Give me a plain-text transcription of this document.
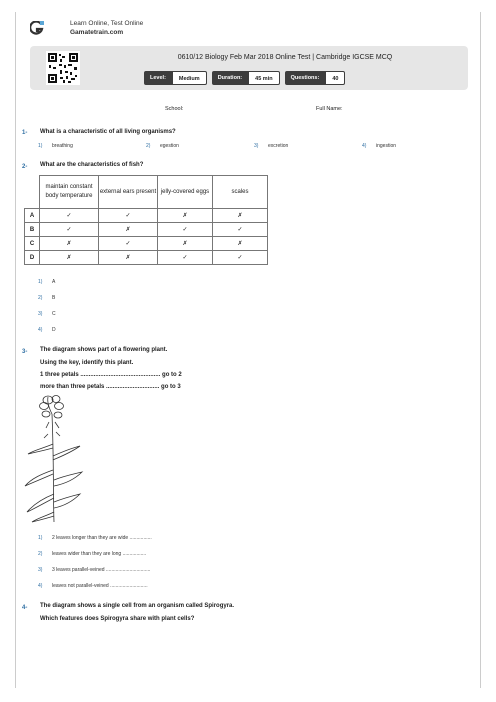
Learn Online, Test Online
Gamatetrain.com
0610/12 Biology Feb Mar 2018 Online Test | Cambridge IGCSE MCQ
Level:	Medium	Duration:	45 min	Questions:	40
School:	Full Name:
1- What is a characteristic of all living organisms?
1) breathing	2) egestion	3) excretion	4) ingestion
2- What are the characteristics of fish?
	maintain constant body temperature	external ears present	jelly-covered eggs	scales
A	✓	✓	✗	✗
B	✓	✗	✓	✓
C	✗	✓	✗	✗
D	✗	✗	✓	✓
1) A
2) B
3) C
4) D
3- The diagram shows part of a flowering plant.
Using the key, identify this plant.
1 three petals ................................................ go to 2
more than three petals ................................ go to 3
1) 2 leaves longer than they are wide ................
2) leaves wider than they are long .................
3) 3 leaves parallel-veined ................................
4) leaves not parallel-veined ...........................
4- The diagram shows a single cell from an organism called Spirogyra.
Which features does Spirogyra share with plant cells?
